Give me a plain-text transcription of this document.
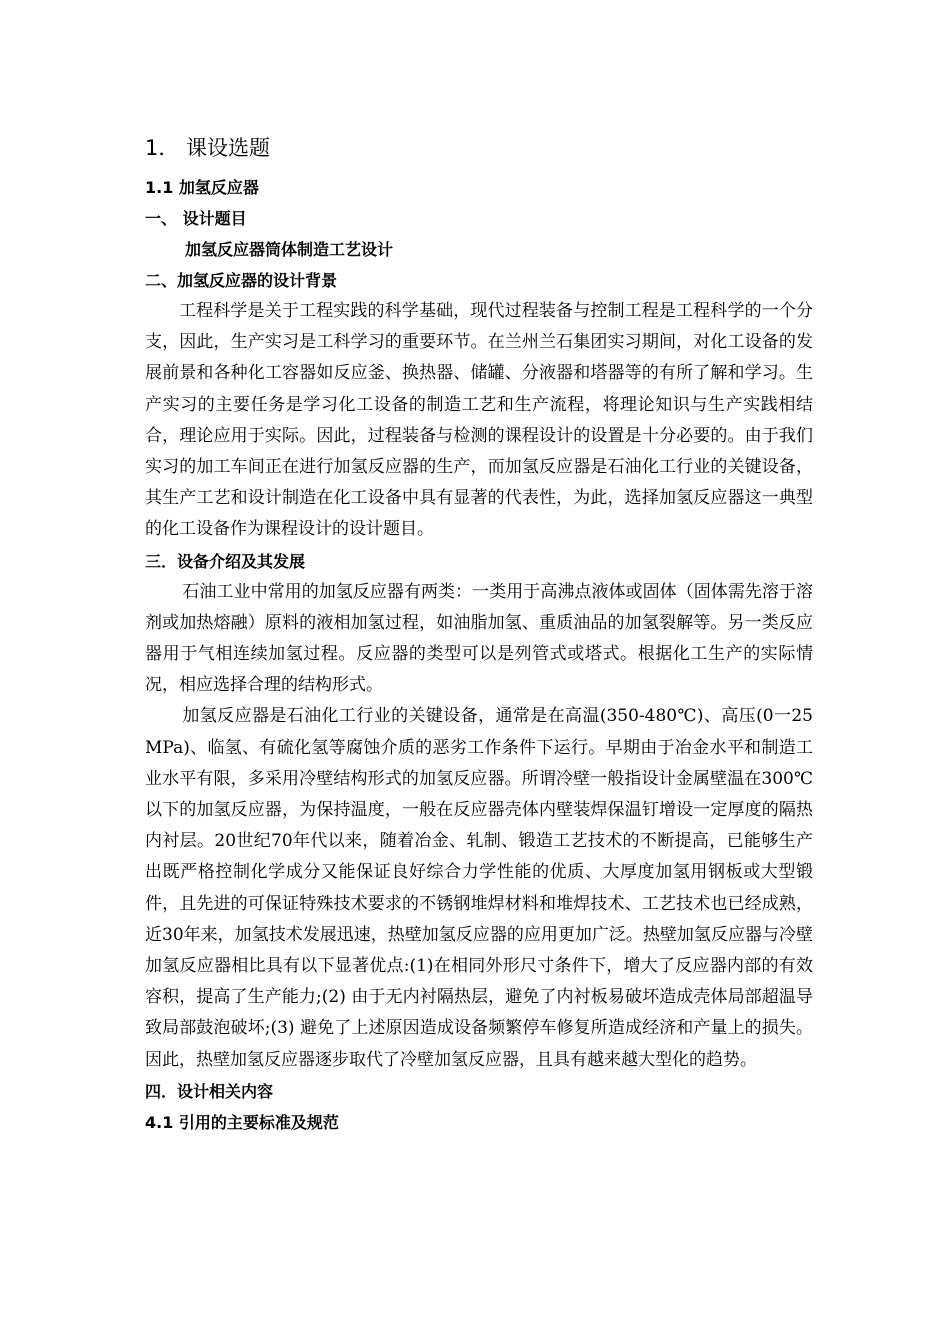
1． 课设选题
1.1 加氢反应器
一、 设计题目
加氢反应器筒体制造工艺设计
二、加氢反应器的设计背景

工程科学是关于工程实践的科学基础，现代过程装备与控制工程是工程科学的一个分支，因此，生产实习是工科学习的重要环节。在兰州兰石集团实习期间，对化工设备的发展前景和各种化工容器如反应釜、换热器、储罐、分液器和塔器等的有所了解和学习。生产实习的主要任务是学习化工设备的制造工艺和生产流程，将理论知识与生产实践相结合，理论应用于实际。因此，过程装备与检测的课程设计的设置是十分必要的。由于我们实习的加工车间正在进行加氢反应器的生产，而加氢反应器是石油化工行业的关键设备，其生产工艺和设计制造在化工设备中具有显著的代表性，为此，选择加氢反应器这一典型的化工设备作为课程设计的设计题目。

三．设备介绍及其发展

石油工业中常用的加氢反应器有两类：一类用于高沸点液体或固体（固体需先溶于溶剂或加热熔融）原料的液相加氢过程，如油脂加氢、重质油品的加氢裂解等。另一类反应器用于气相连续加氢过程。反应器的类型可以是列管式或塔式。根据化工生产的实际情况，相应选择合理的结构形式。

加氢反应器是石油化工行业的关键设备，通常是在高温(350-480℃)、高压(0一25MPa)、临氢、有硫化氢等腐蚀介质的恶劣工作条件下运行。早期由于冶金水平和制造工业水平有限，多采用冷壁结构形式的加氢反应器。所谓冷壁一般指设计金属壁温在300℃以下的加氢反应器，为保持温度，一般在反应器壳体内壁装焊保温钉增设一定厚度的隔热内衬层。20世纪70年代以来，随着冶金、轧制、锻造工艺技术的不断提高，已能够生产出既严格控制化学成分又能保证良好综合力学性能的优质、大厚度加氢用钢板或大型锻件，且先进的可保证特殊技术要求的不锈钢堆焊材料和堆焊技术、工艺技术也已经成熟，近30年来，加氢技术发展迅速，热壁加氢反应器的应用更加广泛。热壁加氢反应器与冷壁加氢反应器相比具有以下显著优点:(1)在相同外形尺寸条件下，增大了反应器内部的有效容积，提高了生产能力;(2) 由于无内衬隔热层，避免了内衬板易破坏造成壳体局部超温导致局部鼓泡破坏;(3) 避免了上述原因造成设备频繁停车修复所造成经济和产量上的损失。因此，热壁加氢反应器逐步取代了冷壁加氢反应器，且具有越来越大型化的趋势。

四．设计相关内容
4.1 引用的主要标准及规范
